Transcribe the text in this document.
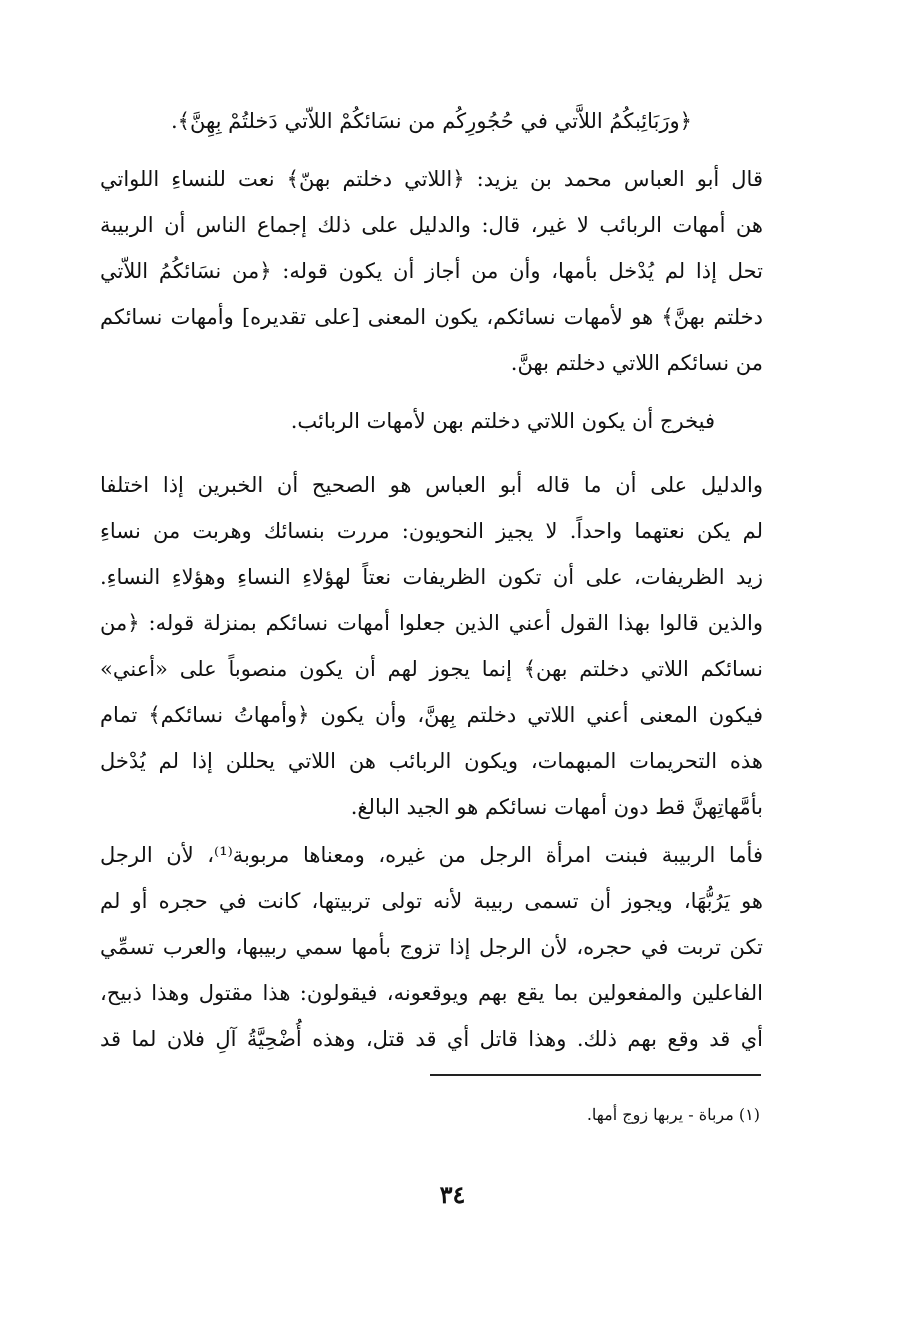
﴿ورَبَائِبكُمُ اللاَّتي في حُجُورِكُم من نسَائكُمْ اللاّتي دَخلتُمْ بِهِنَّ﴾.
قال أبو العباس محمد بن يزيد: ﴿اللاتي دخلتم بهنّ﴾ نعت للنساءِ اللواتي
هن أمهات الربائب لا غير، قال: والدليل على ذلك إجماع الناس أن الربيبة
تحل إذا لم يُدْخل بأمها، وأن من أجاز أن يكون قوله: ﴿من نسَائكُمُ اللاّتي
دخلتم بهنَّ﴾ هو لأمهات نسائكم، يكون المعنى [على تقديره] وأمهات نسائكم
من نسائكم اللاتي دخلتم بهنَّ.
فيخرج أن يكون اللاتي دخلتم بهن لأمهات الربائب.
والدليل على أن ما قاله أبو العباس هو الصحيح أن الخبرين إذا اختلفا
لم يكن نعتهما واحداً. لا يجيز النحويون: مررت بنسائك وهربت من نساءِ
زيد الظريفات، على أن تكون الظريفات نعتاً لهؤلاءِ النساءِ وهؤلاءِ النساءِ.
والذين قالوا بهذا القول أعني الذين جعلوا أمهات نسائكم بمنزلة قوله: ﴿من
نسائكم اللاتي دخلتم بهن﴾ إنما يجوز لهم أن يكون منصوباً على «أعني»
فيكون المعنى أعني اللاتي دخلتم بِهنَّ، وأن يكون ﴿وأمهاتُ نسائكم﴾ تمام
هذه التحريمات المبهمات، ويكون الربائب هن اللاتي يحللن إذا لم يُدْخل
بأمَّهاتِهنَّ قط دون أمهات نسائكم هو الجيد البالغ.
فأما الربيبة فبنت امرأة الرجل من غيره، ومعناها مربوبة⁽¹⁾، لأن الرجل
هو يَرُبُّهَا، ويجوز أن تسمى ربيبة لأنه تولى تربيتها، كانت في حجره أو لم
تكن تربت في حجره، لأن الرجل إذا تزوج بأمها سمي ربيبها، والعرب تسمِّي
الفاعلين والمفعولين بما يقع بهم ويوقعونه، فيقولون: هذا مقتول وهذا ذبيح،
أي قد وقع بهم ذلك. وهذا قاتل أي قد قتل، وهذه أُضْحِيَّةُ آلِ فلان لما قد
(١) مرباة - يربها زوج أمها.
٣٤
